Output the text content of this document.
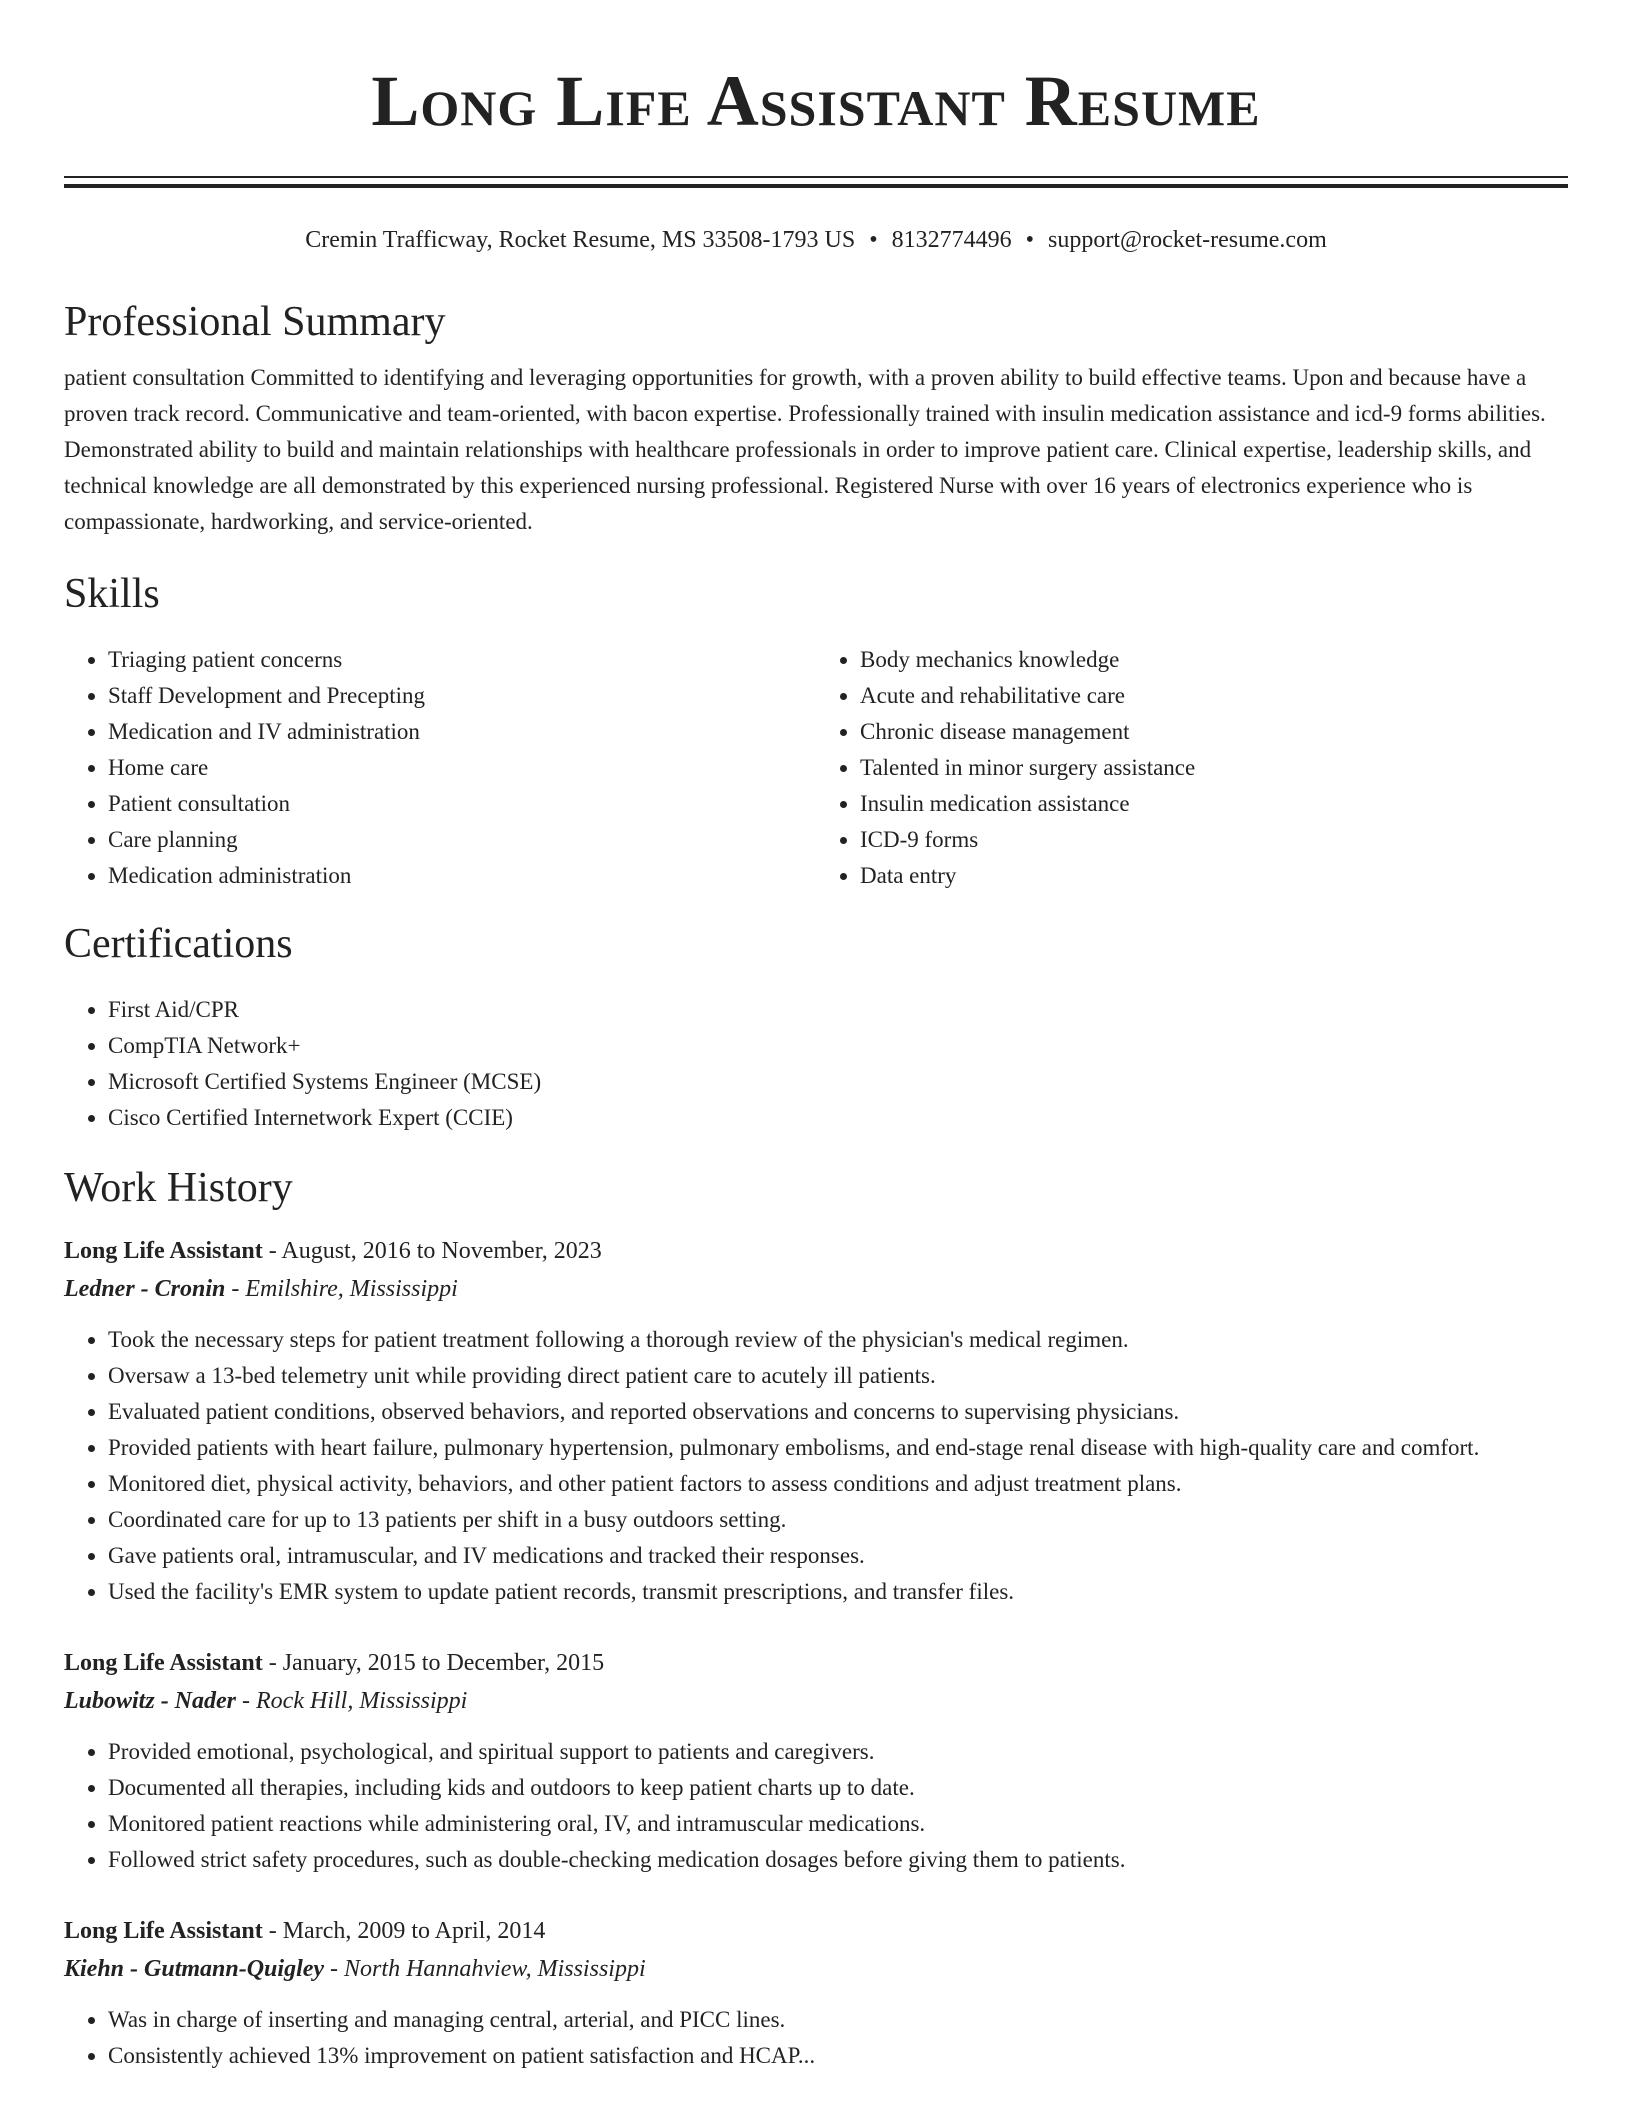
Long Life Assistant Resume
Cremin Trafficway, Rocket Resume, MS 33508-1793 US • 8132774496 • support@rocket-resume.com
Professional Summary

patient consultation Committed to identifying and leveraging opportunities for growth, with a proven ability to build effective teams. Upon and because have a proven track record. Communicative and team-oriented, with bacon expertise. Professionally trained with insulin medication assistance and icd-9 forms abilities. Demonstrated ability to build and maintain relationships with healthcare professionals in order to improve patient care. Clinical expertise, leadership skills, and technical knowledge are all demonstrated by this experienced nursing professional. Registered Nurse with over 16 years of electronics experience who is compassionate, hardworking, and service-oriented.

Skills
• Triaging patient concerns
• Staff Development and Precepting
• Medication and IV administration
• Home care
• Patient consultation
• Care planning
• Medication administration
• Body mechanics knowledge
• Acute and rehabilitative care
• Chronic disease management
• Talented in minor surgery assistance
• Insulin medication assistance
• ICD-9 forms
• Data entry
Certifications
• First Aid/CPR
• CompTIA Network+
• Microsoft Certified Systems Engineer (MCSE)
• Cisco Certified Internetwork Expert (CCIE)
Work History
Long Life Assistant - August, 2016 to November, 2023
Ledner - Cronin - Emilshire, Mississippi
• Took the necessary steps for patient treatment following a thorough review of the physician's medical regimen.
• Oversaw a 13-bed telemetry unit while providing direct patient care to acutely ill patients.
• Evaluated patient conditions, observed behaviors, and reported observations and concerns to supervising physicians.
• Provided patients with heart failure, pulmonary hypertension, pulmonary embolisms, and end-stage renal disease with high-quality care and comfort.
• Monitored diet, physical activity, behaviors, and other patient factors to assess conditions and adjust treatment plans.
• Coordinated care for up to 13 patients per shift in a busy outdoors setting.
• Gave patients oral, intramuscular, and IV medications and tracked their responses.
• Used the facility's EMR system to update patient records, transmit prescriptions, and transfer files.
Long Life Assistant - January, 2015 to December, 2015
Lubowitz - Nader - Rock Hill, Mississippi
• Provided emotional, psychological, and spiritual support to patients and caregivers.
• Documented all therapies, including kids and outdoors to keep patient charts up to date.
• Monitored patient reactions while administering oral, IV, and intramuscular medications.
• Followed strict safety procedures, such as double-checking medication dosages before giving them to patients.
Long Life Assistant - March, 2009 to April, 2014
Kiehn - Gutmann-Quigley - North Hannahview, Mississippi
• Was in charge of inserting and managing central, arterial, and PICC lines.
• Consistently achieved 13% improvement on patient satisfaction and HCAP...
